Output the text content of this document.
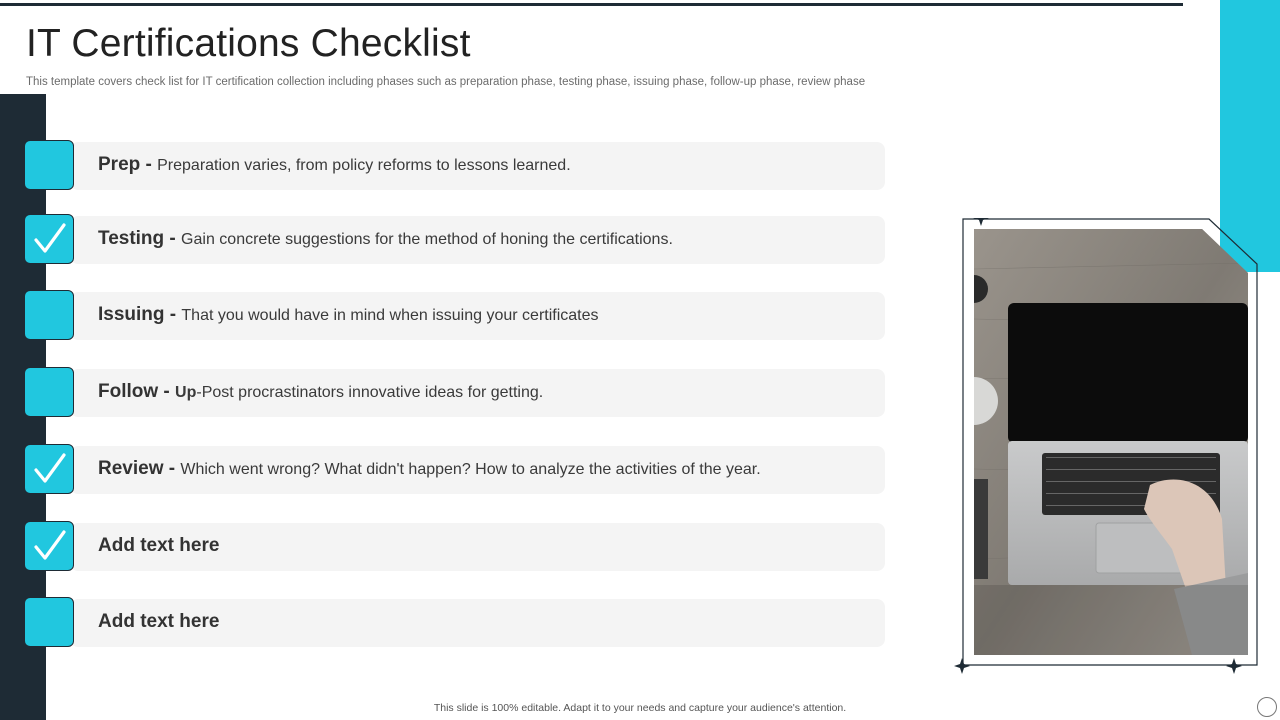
IT Certifications Checklist

This template covers check list for IT certification collection including phases such as preparation phase, testing phase, issuing phase, follow-up phase, review phase

Prep - Preparation varies, from policy reforms to lessons learned.
Testing - Gain concrete suggestions for the method of honing the certifications.
Issuing - That you would have in mind when issuing your certificates
Follow - Up-Post procrastinators innovative ideas for getting.
Review - Which went wrong? What didn't happen? How to analyze the activities of the year.
Add text here
Add text here
This slide is 100% editable. Adapt it to your needs and capture your audience's attention.
